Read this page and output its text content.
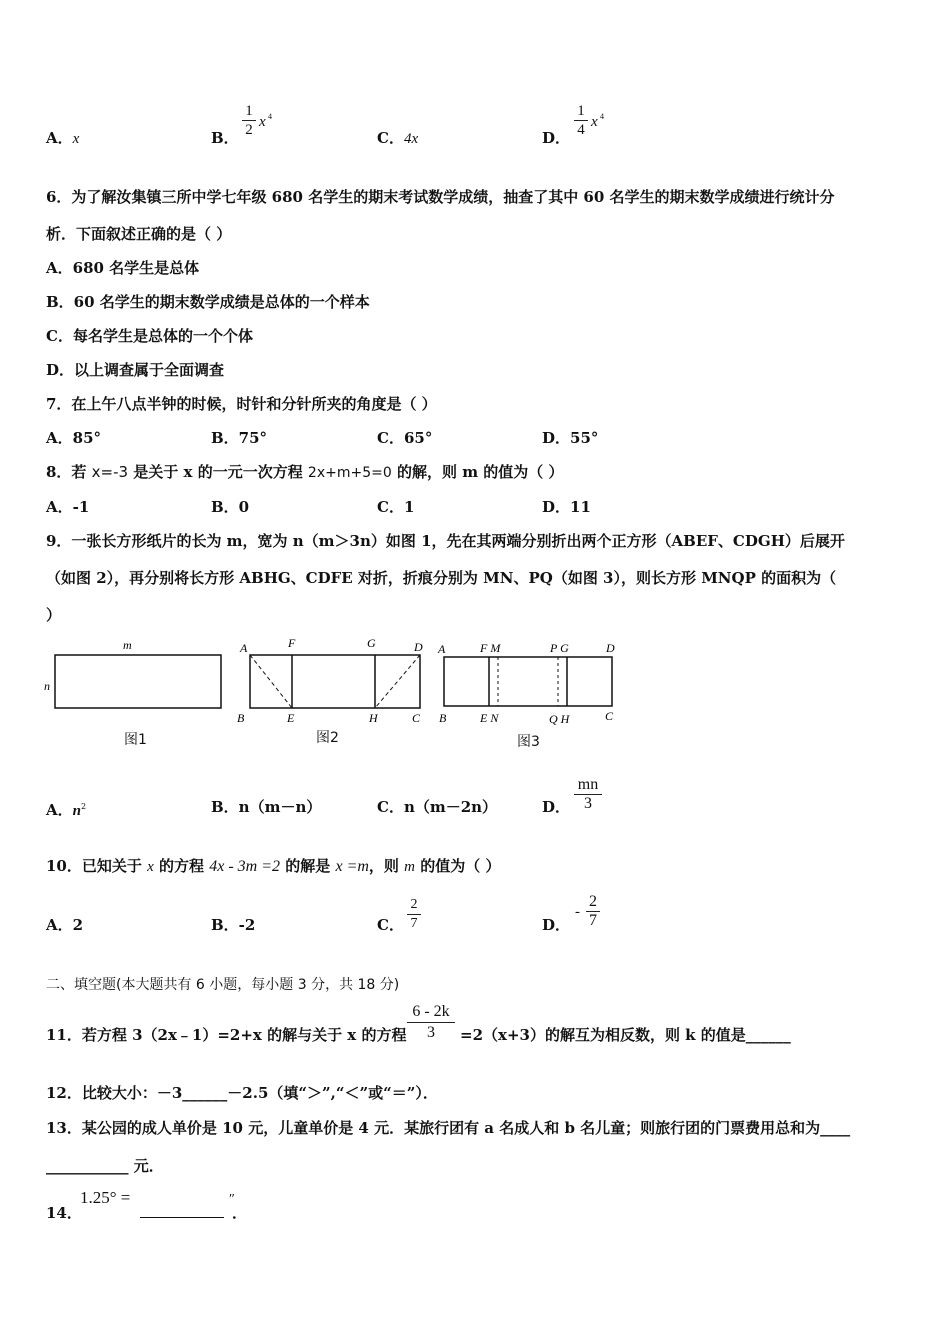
A．x	B．
1
2 x 4
C．4x	D．
1
4 x 4
6．为了解汝集镇三所中学七年级 680 名学生的期末考试数学成绩，抽查了其中 60 名学生的期末数学成绩进行统计分
析．下面叙述正确的是（ ）
A．680 名学生是总体
B．60 名学生的期末数学成绩是总体的一个样本
C．每名学生是总体的一个个体
D．以上调查属于全面调查
7．在上午八点半钟的时候，时针和分针所夹的角度是（ ）
A．85°	B．75°	C．65°	D．55°
8．若 x=-3 是关于 x 的一元一次方程 2x+m+5=0 的解，则 m 的值为（ ）
A．-1	B．0	C．1	D．11
9．一张长方形纸片的长为 m，宽为 n（m＞3n）如图 1，先在其两端分别折出两个正方形（ABEF、CDGH）后展开
（如图 2），再分别将长方形 ABHG、CDFE 对折，折痕分别为 MN、PQ（如图 3），则长方形 MNQP 的面积为（
）
m
n
A	F	G	D
B	E	H	C
A	F M	P G	D
B	E N	Q H	C
图1	图2	图3
A．$n^2$	B．n（m－n）	C．n（m－2n）	D．
mn
3
10．已知关于 x 的方程 4x - 3m =2 的解是 x =m，则 m 的值为（ ）
A．2	B．-2	C．
2
7	D．
-
2
7
二、填空题(本大题共有 6 小题，每小题 3 分，共 18 分)
11．若方程 3（2x﹣1）=2+x 的解与关于 x 的方程
6 - 2k
3	=2（x+3）的解互为相反数，则 k 的值是______
12．比较大小：－3______－2.5（填“＞”,“＜”或“＝”）．
13．某公园的成人单价是 10 元，儿童单价是 4 元．某旅行团有 a 名成人和 b 名儿童；则旅行团的门票费用总和为____
___________ 元．
14．
1.25° =	″
．
